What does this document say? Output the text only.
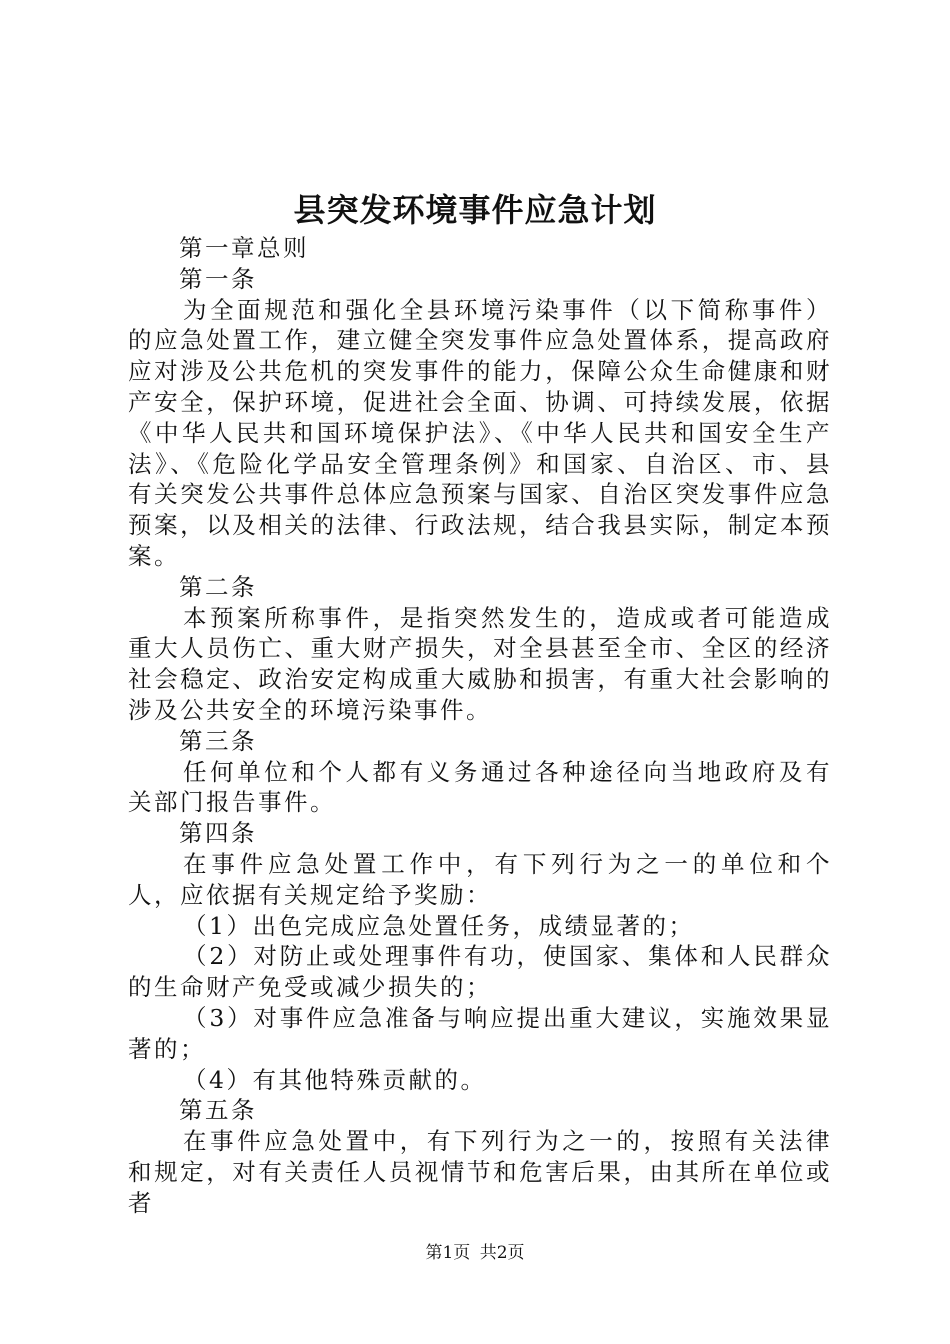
县突发环境事件应急计划

第一章总则

第一条

为全面规范和强化全县环境污染事件（以下简称事件）的应急处置工作，建立健全突发事件应急处置体系，提高政府应对涉及公共危机的突发事件的能力，保障公众生命健康和财产安全，保护环境，促进社会全面、协调、可持续发展，依据《中华人民共和国环境保护法》、《中华人民共和国安全生产法》、《危险化学品安全管理条例》和国家、自治区、市、县有关突发公共事件总体应急预案与国家、自治区突发事件应急预案，以及相关的法律、行政法规，结合我县实际，制定本预案。

第二条

本预案所称事件，是指突然发生的，造成或者可能造成重大人员伤亡、重大财产损失，对全县甚至全市、全区的经济社会稳定、政治安定构成重大威胁和损害，有重大社会影响的涉及公共安全的环境污染事件。

第三条

任何单位和个人都有义务通过各种途径向当地政府及有关部门报告事件。

第四条

在事件应急处置工作中，有下列行为之一的单位和个人，应依据有关规定给予奖励：

（1）出色完成应急处置任务，成绩显著的；

（2）对防止或处理事件有功，使国家、集体和人民群众的生命财产免受或减少损失的；

（3）对事件应急准备与响应提出重大建议，实施效果显著的；

（4）有其他特殊贡献的。

第五条

在事件应急处置中，有下列行为之一的，按照有关法律和规定，对有关责任人员视情节和危害后果，由其所在单位或者

第1页 共2页
